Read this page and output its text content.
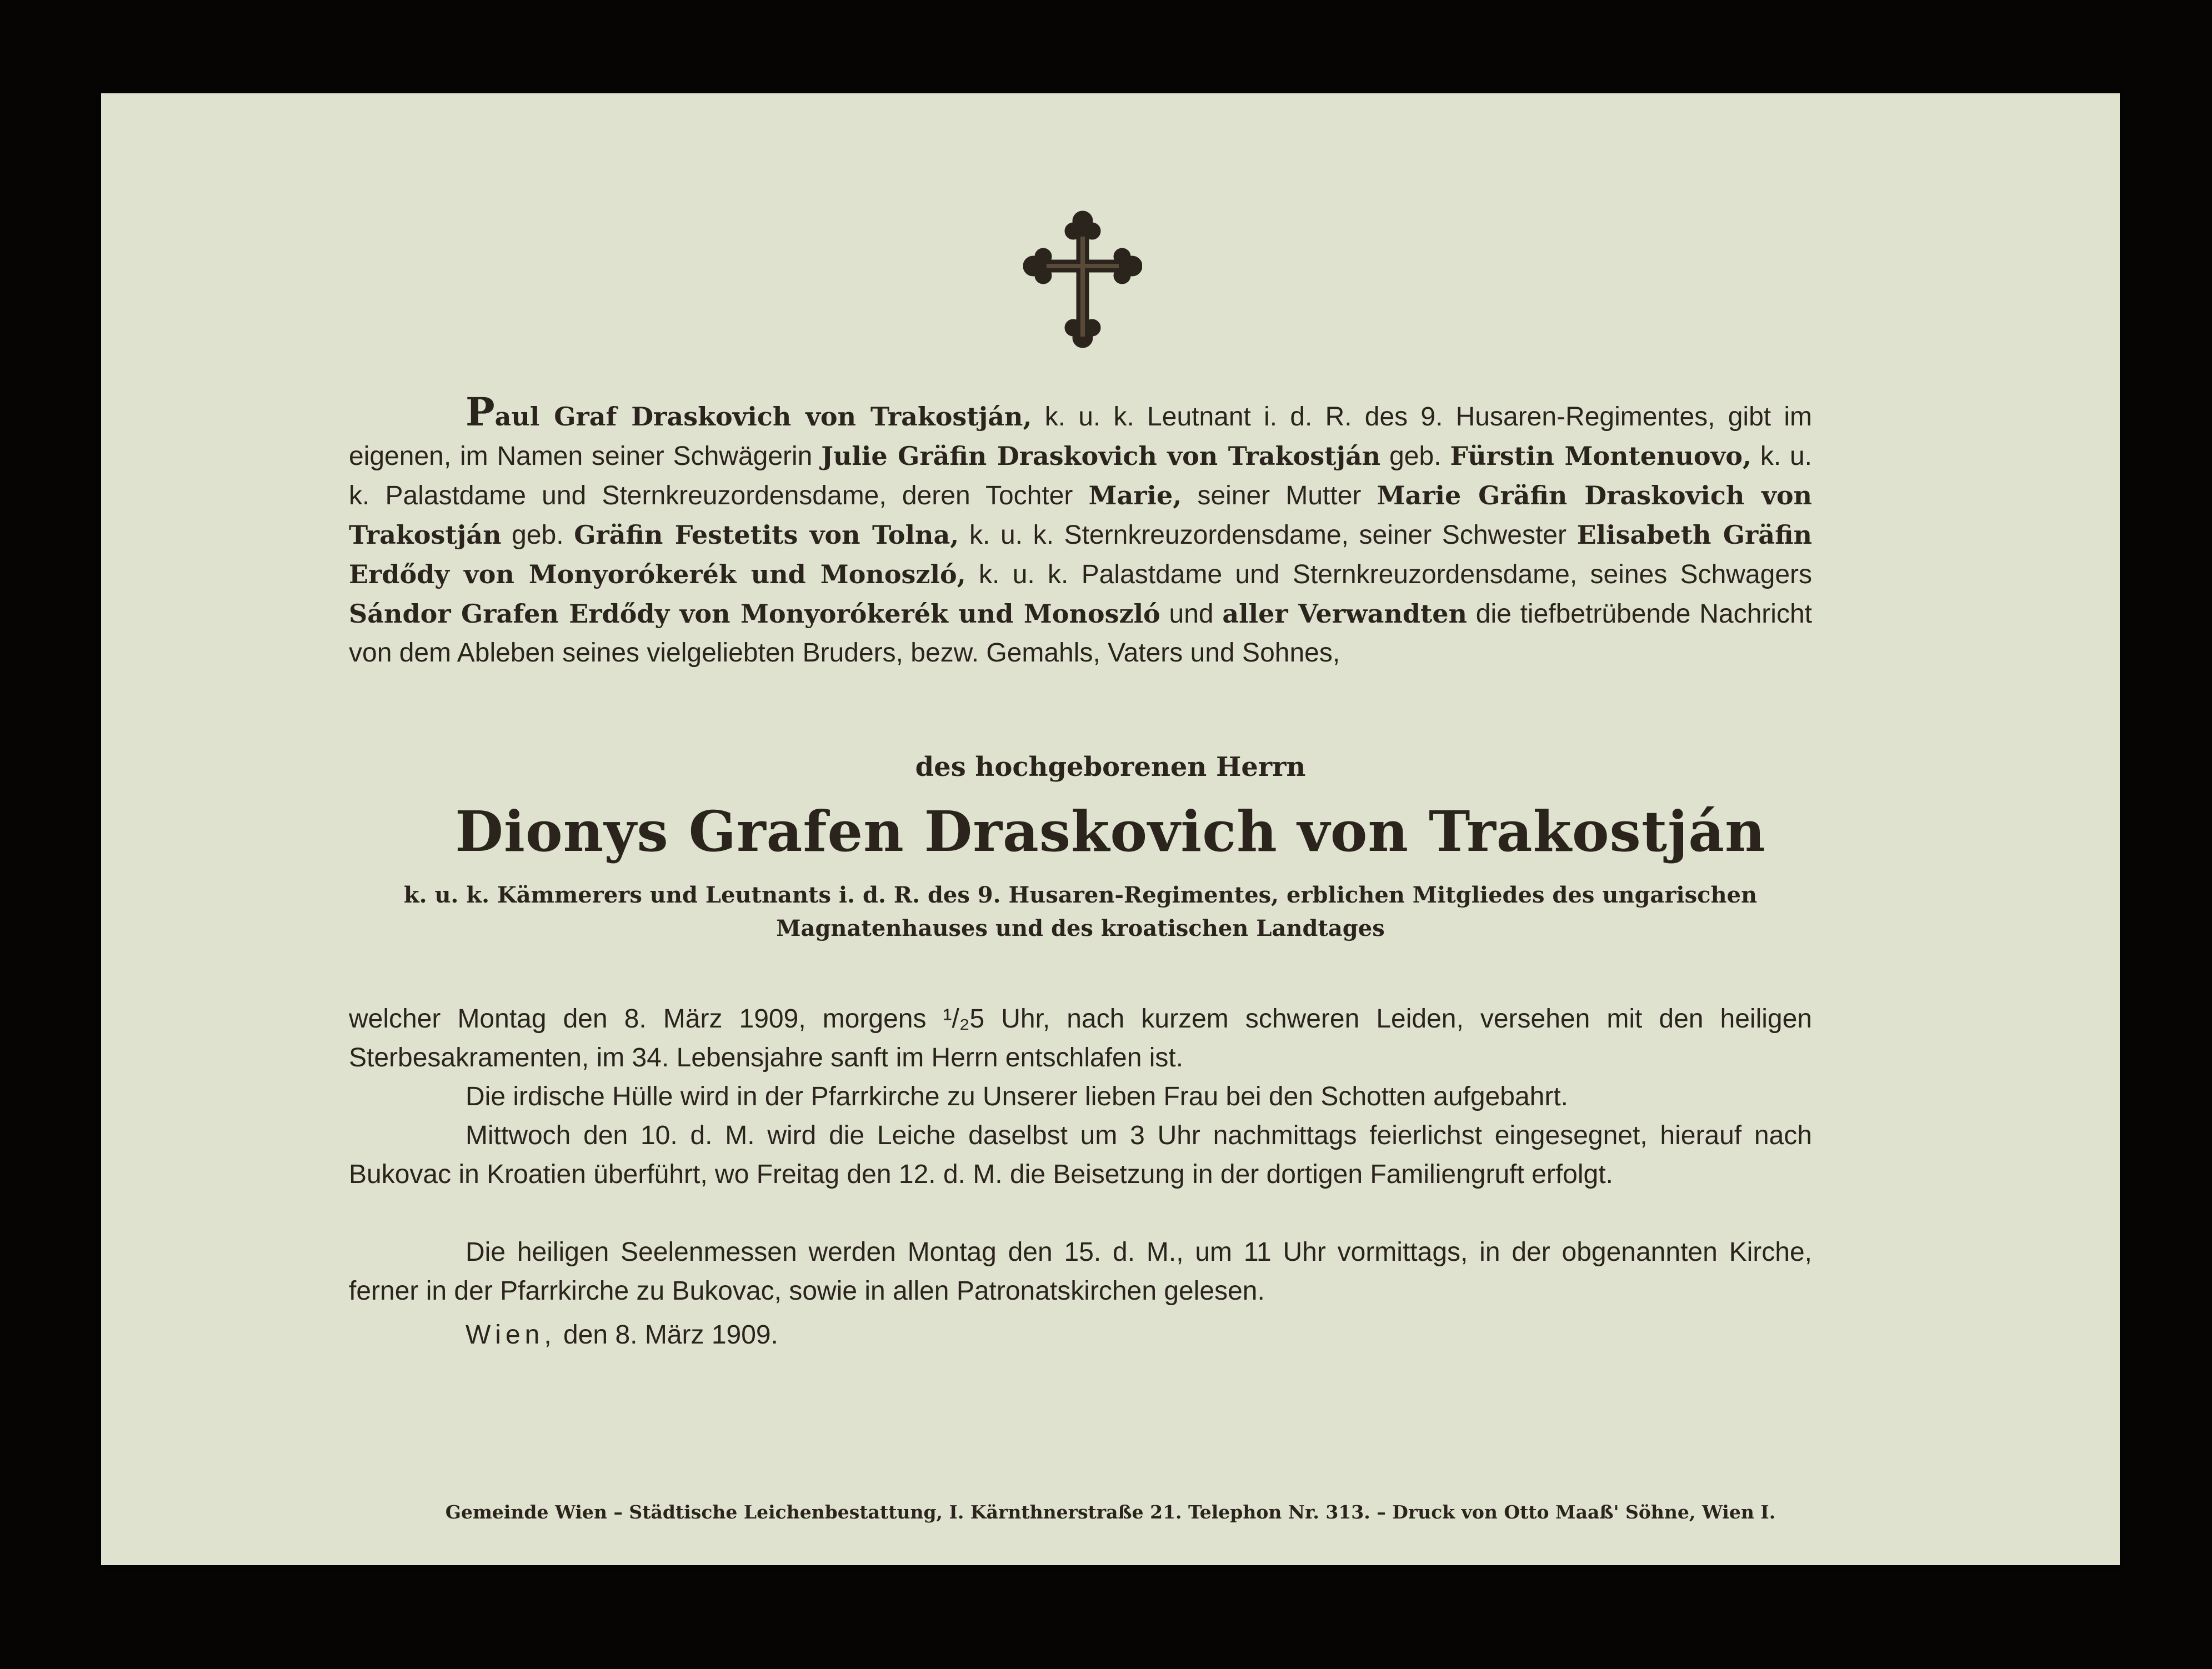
Paul Graf Draskovich von Trakostján, k. u. k. Leutnant i. d. R. des 9. Husaren-Regimentes, gibt im eigenen, im Namen seiner Schwägerin Julie Gräfin Draskovich von Trakostján geb. Fürstin Montenuovo, k. u. k. Palastdame und Sternkreuzordensdame, deren Tochter Marie, seiner Mutter Marie Gräfin Draskovich von Trakostján geb. Gräfin Festetits von Tolna, k. u. k. Sternkreuzordensdame, seiner Schwester Elisabeth Gräfin Erdődy von Monyorókerék und Monoszló, k. u. k. Palastdame und Sternkreuzordensdame, seines Schwagers Sándor Grafen Erdődy von Monyorókerék und Monoszló und aller Verwandten die tiefbetrübende Nachricht von dem Ableben seines vielgeliebten Bruders, bezw. Gemahls, Vaters und Sohnes,

des hochgeborenen Herrn

Dionys Grafen Draskovich von Trakostján

k. u. k. Kämmerers und Leutnants i. d. R. des 9. Husaren-Regimentes, erblichen Mitgliedes des ungarischen Magnatenhauses und des kroatischen Landtages

welcher Montag den 8. März 1909, morgens ¹/₂5 Uhr, nach kurzem schweren Leiden, versehen mit den heiligen Sterbesakramenten, im 34. Lebensjahre sanft im Herrn entschlafen ist.

Die irdische Hülle wird in der Pfarrkirche zu Unserer lieben Frau bei den Schotten aufgebahrt.

Mittwoch den 10. d. M. wird die Leiche daselbst um 3 Uhr nachmittags feierlichst eingesegnet, hierauf nach Bukovac in Kroatien überführt, wo Freitag den 12. d. M. die Beisetzung in der dortigen Familiengruft erfolgt.

Die heiligen Seelenmessen werden Montag den 15. d. M., um 11 Uhr vormittags, in der obgenannten Kirche, ferner in der Pfarrkirche zu Bukovac, sowie in allen Patronatskirchen gelesen.

Wien, den 8. März 1909.

Gemeinde Wien – Städtische Leichenbestattung, I. Kärnthnerstraße 21. Telephon Nr. 313. – Druck von Otto Maaß' Söhne, Wien I.
